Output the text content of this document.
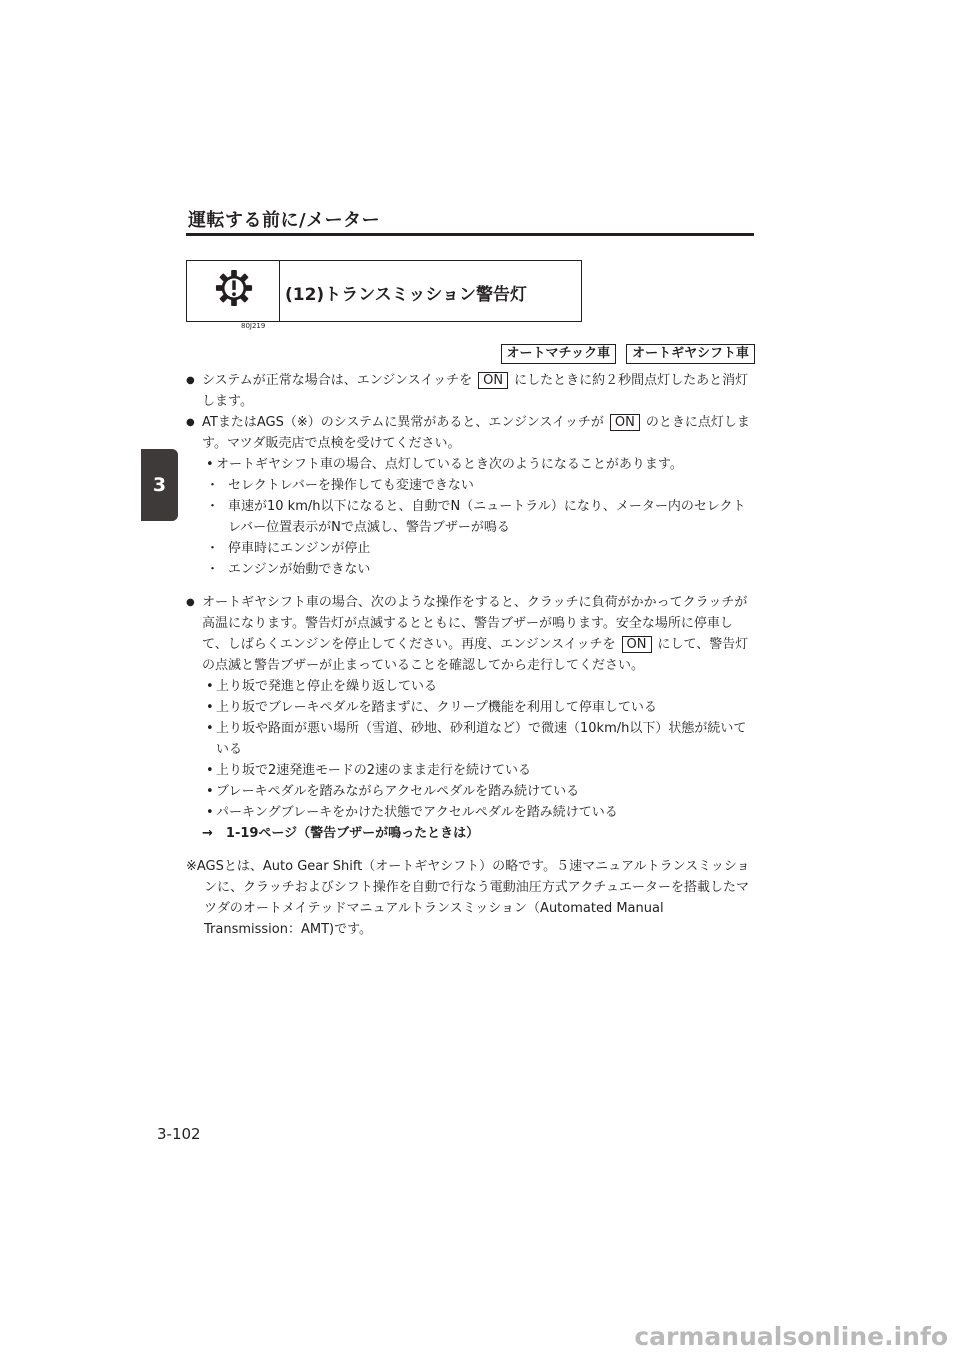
運転する前に/メーター
3
80J219
(12)トランスミッション警告灯
オートマチック車	オートギヤシフト車

● システムが正常な場合は、エンジンスイッチを ON にしたときに約２秒間点灯したあと消灯します。

● ATまたはAGS（※）のシステムに異常があると、エンジンスイッチが ON のときに点灯します。マツダ販売店で点検を受けてください。

• オートギヤシフト車の場合、点灯しているとき次のようになることがあります。

・ セレクトレバーを操作しても変速できない

・ 車速が10 km/h以下になると、自動でN（ニュートラル）になり、メーター内のセレクトレバー位置表示がNで点滅し、警告ブザーが鳴る

・ 停車時にエンジンが停止

・ エンジンが始動できない

● オートギヤシフト車の場合、次のような操作をすると、クラッチに負荷がかかってクラッチが高温になります。警告灯が点滅するとともに、警告ブザーが鳴ります。安全な場所に停車して、しばらくエンジンを停止してください。再度、エンジンスイッチを ON にして、警告灯の点滅と警告ブザーが止まっていることを確認してから走行してください。

• 上り坂で発進と停止を繰り返している

• 上り坂でブレーキペダルを踏まずに、クリープ機能を利用して停車している

• 上り坂や路面が悪い場所（雪道、砂地、砂利道など）で微速（10km/h以下）状態が続いている

• 上り坂で2速発進モードの2速のまま走行を続けている

• ブレーキペダルを踏みながらアクセルペダルを踏み続けている

• パーキングブレーキをかけた状態でアクセルペダルを踏み続けている

→　1-19ページ（警告ブザーが鳴ったときは）

※AGSとは、Auto Gear Shift（オートギヤシフト）の略です。５速マニュアルトランスミッションに、クラッチおよびシフト操作を自動で行なう電動油圧方式アクチュエーターを搭載したマツダのオートメイテッドマニュアルトランスミッション（Automated Manual Transmission：AMT)です。

3-102
carmanualsonline.info
